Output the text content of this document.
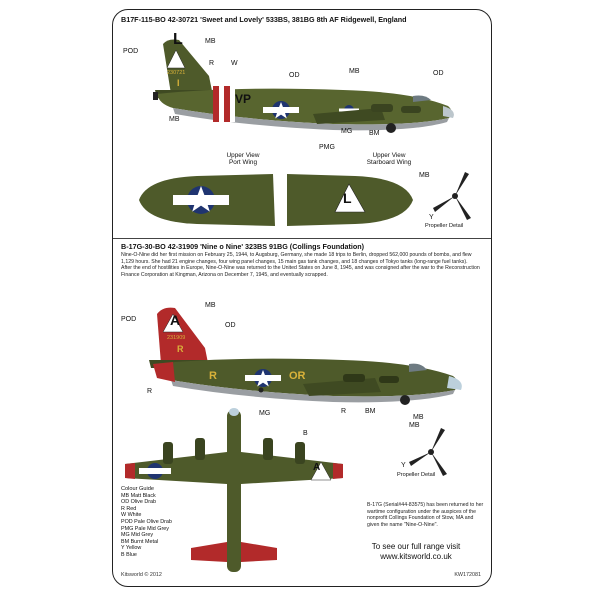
B17F-115-BO 42-30721 'Sweet and Lovely' 533BS, 381BG 8th AF Ridgewell, England
L
230721
I
VP
POD
MB
R W
OD
MB	OD
MB
PMG
MG BM
Upper View
Port Wing
Upper View
Starboard Wing
L
MB
Y
Propeller Detail
B-17G-30-BO 42-31909 'Nine o Nine' 323BS 91BG (Collings Foundation)

Nine-O-Nine did her first mission on February 25, 1944, to Augsburg, Germany, she made 18 trips to Berlin, dropped 562,000 pounds of bombs, and flew 1,129 hours. She had 21 engine changes, four wing panel changes, 15 main gas tank changes, and 18 changes of Tokyo tanks (long-range fuel tanks).

After the end of hostilities in Europe, Nine-O-Nine was returned to the United States on June 8, 1945, and was consigned after the war to the Reconstruction Finance Corporation at Kingman, Arizona on December 7, 1945, and eventually scrapped.

A
231909
R
R	OR
POD
MB
OD
R
MG	R	BM
MB
A
B
MB
Y
Propeller Detail
Colour Guide
MB Matt Black
OD Olive Drab
R Red
W White
POD Pale Olive Drab
PMG Pale Mid Grey
MG Mid Grey
BM Burnt Metal
Y Yellow
B Blue
B-17G (Serial#44-83575) has been returned to her wartime configuration under the auspices of the nonprofit Collings Foundation of Stow, MA and given the name "Nine-O-Nine".
To see our full range visit
www.kitsworld.co.uk
Kitsworld © 2012	KW172081
